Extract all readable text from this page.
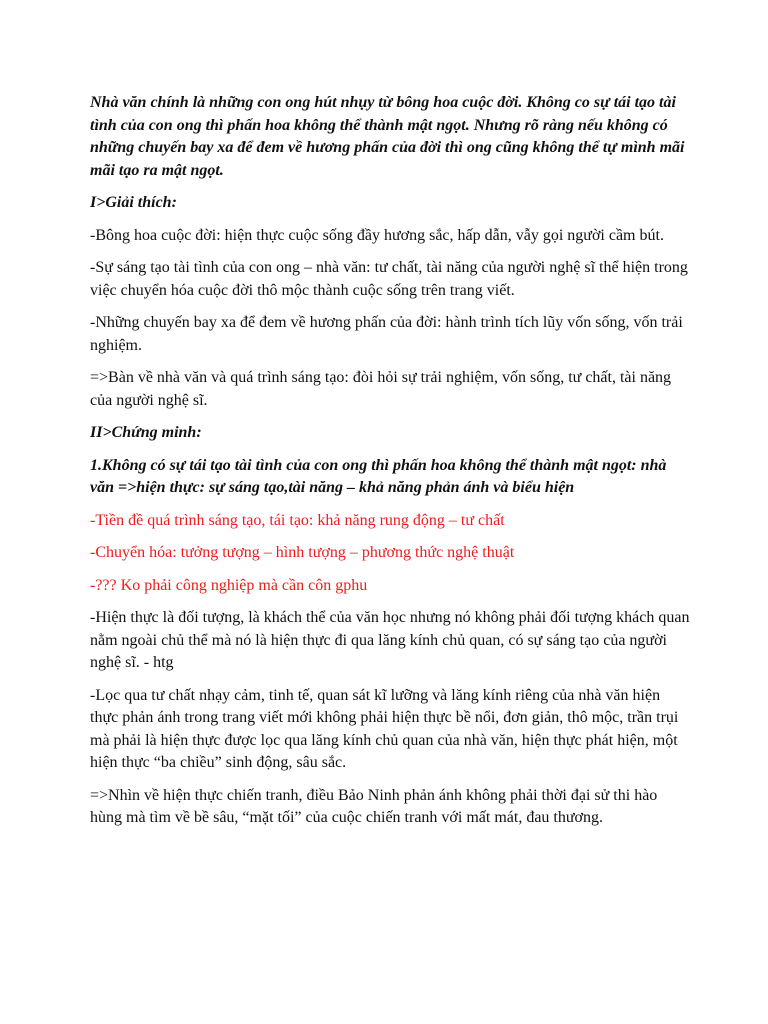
Nhà văn chính là những con ong hút nhụy từ bông hoa cuộc đời. Không co sự tái tạo tài tình của con ong thì phấn hoa không thể thành mật ngọt. Nhưng rõ ràng nếu không có những chuyến bay xa để đem về hương phấn của đời thì ong cũng không thể tự mình mãi mãi tạo ra mật ngọt.

I>Giải thích:

-Bông hoa cuộc đời: hiện thực cuộc sống đầy hương sắc, hấp dẫn, vẫy gọi người cầm bút.

-Sự sáng tạo tài tình của con ong – nhà văn: tư chất, tài năng của người nghệ sĩ thể hiện trong việc chuyển hóa cuộc đời thô mộc thành cuộc sống trên trang viết.

-Những chuyến bay xa để đem về hương phấn của đời: hành trình tích lũy vốn sống, vốn trải nghiệm.

=>Bàn về nhà văn và quá trình sáng tạo: đòi hỏi sự trải nghiệm, vốn sống, tư chất, tài năng của người nghệ sĩ.

II>Chứng minh:

1.Không có sự tái tạo tài tình của con ong thì phấn hoa không thể thành mật ngọt: nhà văn =>hiện thực: sự sáng tạo,tài năng – khả năng phản ánh và biểu hiện

-Tiền đề quá trình sáng tạo, tái tạo: khả năng rung động – tư chất

-Chuyển hóa: tưởng tượng – hình tượng – phương thức nghệ thuật

-??? Ko phải công nghiệp mà cần côn gphu

-Hiện thực là đối tượng, là khách thể của văn học nhưng nó không phải đối tượng khách quan nằm ngoài chủ thể mà nó là hiện thực đi qua lăng kính chủ quan, có sự sáng tạo của người nghệ sĩ. - htg

-Lọc qua tư chất nhạy cảm, tinh tế, quan sát kĩ lưỡng và lăng kính riêng của nhà văn hiện thực phản ánh trong trang viết mới không phải hiện thực bề nổi, đơn giản, thô mộc, trần trụi mà phải là hiện thực được lọc qua lăng kính chủ quan của nhà văn, hiện thực phát hiện, một hiện thực “ba chiều” sinh động, sâu sắc.

=>Nhìn về hiện thực chiến tranh, điều Bảo Ninh phản ánh không phải thời đại sử thi hào hùng mà tìm về bề sâu, “mặt tối” của cuộc chiến tranh với mất mát, đau thương.
